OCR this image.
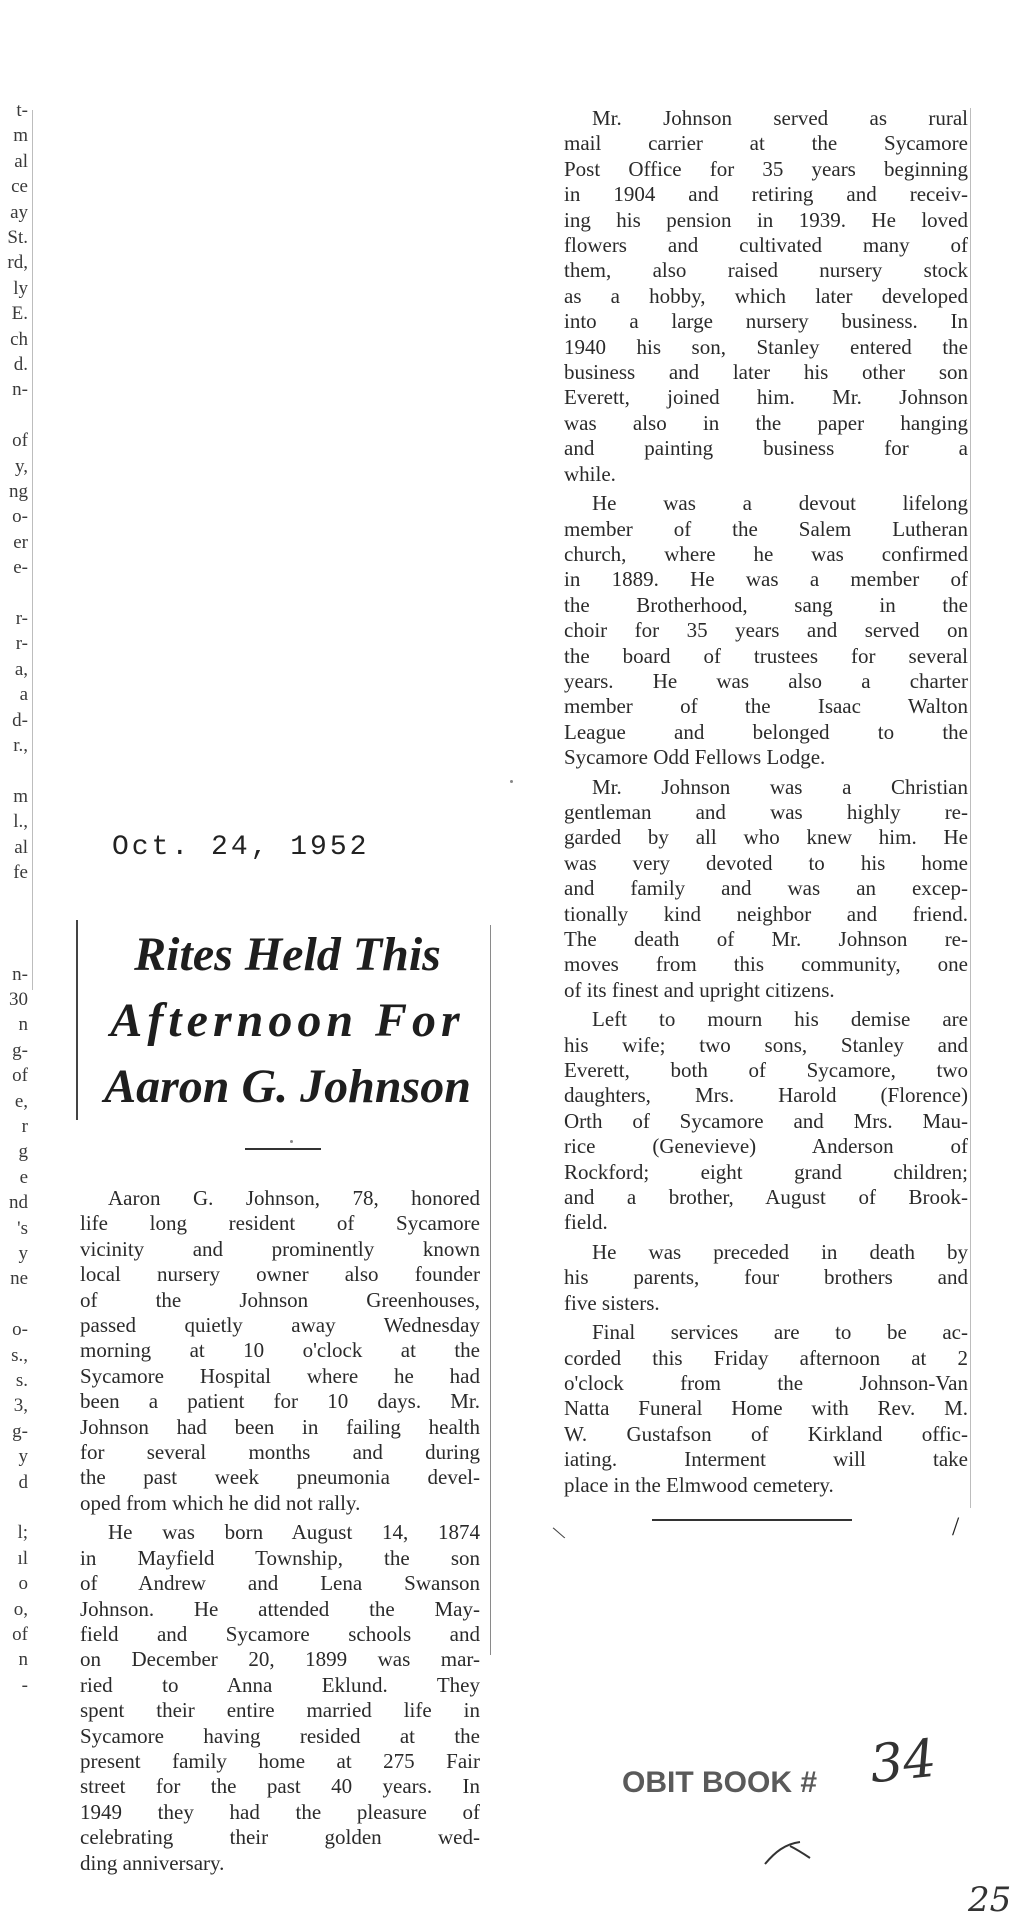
t-
m
al
ce
ay
St.
rd,
ly
E.
ch
d.
n-
of
y,
ng
o-
er
e-
r-
r-
a,
a
d-
r.,
m
l.,
al
fe
n-
30
n
g-
of
e,
r
g
e
nd
's
y
ne
o-
s.,
s.
3,
g-
y
d
l;
ıl
o
o,
of
n
-
Oct. 24, 1952
Rites Held This
Afternoon For
Aaron G. Johnson
Aaron G. Johnson, 78, honored
life long resident of Sycamore
vicinity and prominently known
local nursery owner also founder
of the Johnson Greenhouses,
passed quietly away Wednesday
morning at 10 o'clock at the
Sycamore Hospital where he had
been a patient for 10 days. Mr.
Johnson had been in failing health
for several months and during
the past week pneumonia devel-
oped from which he did not rally.
He was born August 14, 1874
in Mayfield Township, the son
of Andrew and Lena Swanson
Johnson. He attended the May-
field and Sycamore schools and
on December 20, 1899 was mar-
ried to Anna Eklund. They
spent their entire married life in
Sycamore having resided at the
present family home at 275 Fair
street for the past 40 years. In
1949 they had the pleasure of
celebrating their golden wed-
ding anniversary.
Mr. Johnson served as rural
mail carrier at the Sycamore
Post Office for 35 years beginning
in 1904 and retiring and receiv-
ing his pension in 1939. He loved
flowers and cultivated many of
them, also raised nursery stock
as a hobby, which later developed
into a large nursery business. In
1940 his son, Stanley entered the
business and later his other son
Everett, joined him. Mr. Johnson
was also in the paper hanging
and painting business for a
while.
He was a devout lifelong
member of the Salem Lutheran
church, where he was confirmed
in 1889. He was a member of
the Brotherhood, sang in the
choir for 35 years and served on
the board of trustees for several
years. He was also a charter
member of the Isaac Walton
League and belonged to the
Sycamore Odd Fellows Lodge.
Mr. Johnson was a Christian
gentleman and was highly re-
garded by all who knew him. He
was very devoted to his home
and family and was an excep-
tionally kind neighbor and friend.
The death of Mr. Johnson re-
moves from this community, one
of its finest and upright citizens.
Left to mourn his demise are
his wife; two sons, Stanley and
Everett, both of Sycamore, two
daughters, Mrs. Harold (Florence)
Orth of Sycamore and Mrs. Mau-
rice (Genevieve) Anderson of
Rockford; eight grand children;
and a brother, August of Brook-
field.
He was preceded in death by
his parents, four brothers and
five sisters.
Final services are to be ac-
corded this Friday afternoon at 2
o'clock from the Johnson-Van
Natta Funeral Home with Rev. M.
W. Gustafson of Kirkland offic-
iating. Interment will take
place in the Elmwood cemetery.
\	/
OBIT BOOK # 34
25
